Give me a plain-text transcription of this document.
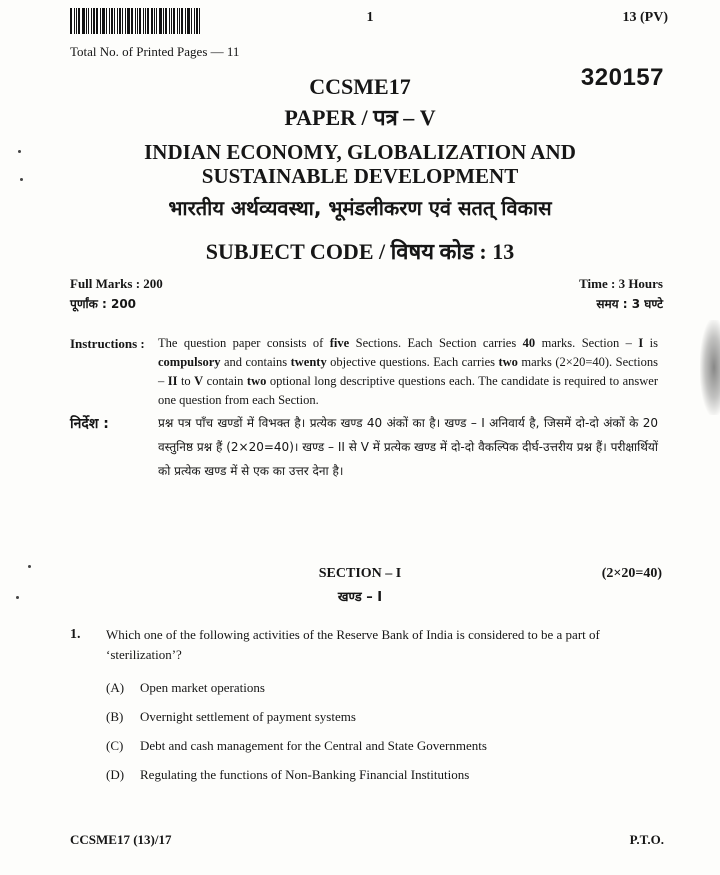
1	13 (PV)
Total No. of Printed Pages — 11
320157
CCSME17
PAPER / पत्र – V
INDIAN ECONOMY, GLOBALIZATION AND
SUSTAINABLE DEVELOPMENT
भारतीय अर्थव्यवस्था, भूमंडलीकरण एवं सतत् विकास
SUBJECT CODE / विषय कोड : 13
Full Marks : 200
पूर्णांक : 200
Time : 3 Hours
समय : 3 घण्टे
Instructions : The question paper consists of five Sections. Each Section carries 40 marks. Section – I is compulsory and contains twenty objective questions. Each carries two marks (2×20=40). Sections – II to V contain two optional long descriptive questions each. The candidate is required to answer one question from each Section.
निर्देश :	प्रश्न पत्र पाँच खण्डों में विभक्त है। प्रत्येक खण्ड 40 अंकों का है। खण्ड – I अनिवार्य है, जिसमें दो-दो अंकों के 20 वस्तुनिष्ठ प्रश्न हैं (2×20=40)। खण्ड – II से V में प्रत्येक खण्ड में दो-दो वैकल्पिक दीर्घ-उत्तरीय प्रश्न हैं। परीक्षार्थियों को प्रत्येक खण्ड में से एक का उत्तर देना है।
SECTION – I
खण्ड – I
(2×20=40)
1. Which one of the following activities of the Reserve Bank of India is considered to be a part of ‘sterilization’?
(A)	Open market operations
(B)	Overnight settlement of payment systems
(C)	Debt and cash management for the Central and State Governments
(D)	Regulating the functions of Non-Banking Financial Institutions
CCSME17 (13)/17	P.T.O.
